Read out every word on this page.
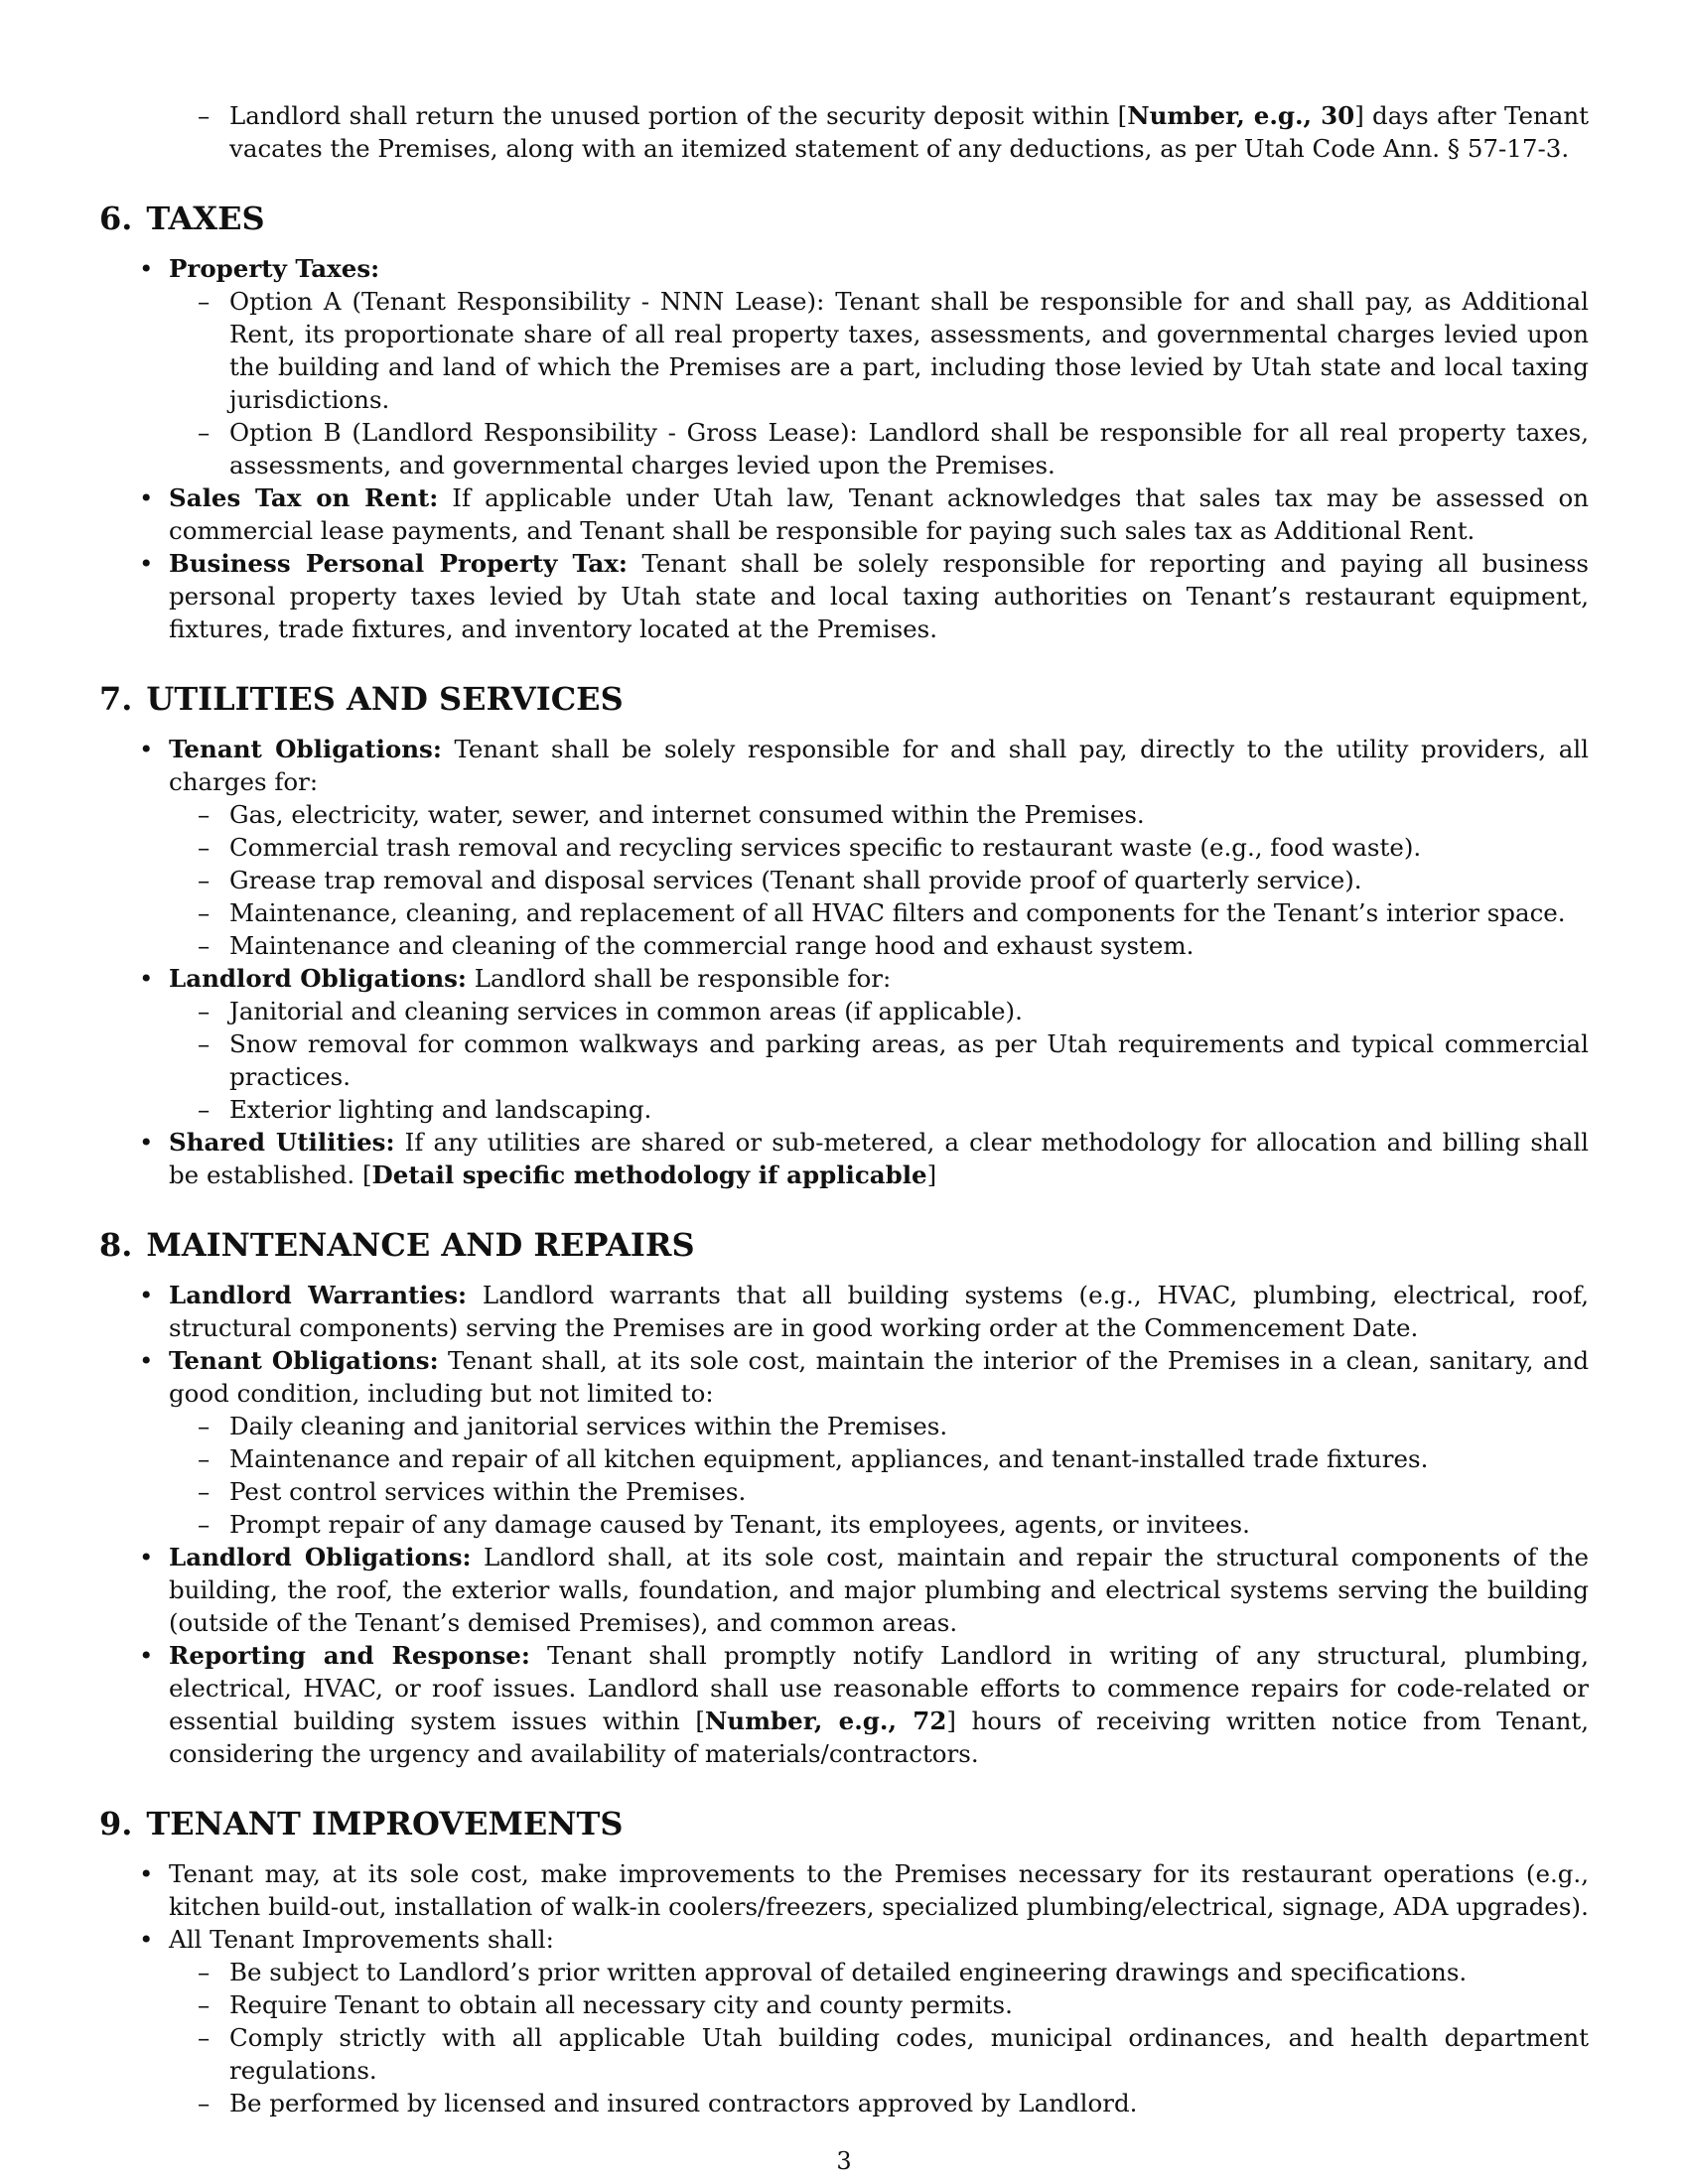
– Landlord shall return the unused portion of the security deposit within [Number, e.g., 30] days after Tenant vacates the Premises, along with an itemized statement of any deductions, as per Utah Code Ann. § 57-17-3.
6. TAXES
• Property Taxes:
– Option A (Tenant Responsibility - NNN Lease): Tenant shall be responsible for and shall pay, as Additional Rent, its proportionate share of all real property taxes, assessments, and governmental charges levied upon the building and land of which the Premises are a part, including those levied by Utah state and local taxing jurisdictions.
– Option B (Landlord Responsibility - Gross Lease): Landlord shall be responsible for all real property taxes, assessments, and governmental charges levied upon the Premises.
• Sales Tax on Rent: If applicable under Utah law, Tenant acknowledges that sales tax may be assessed on commercial lease payments, and Tenant shall be responsible for paying such sales tax as Additional Rent.
• Business Personal Property Tax: Tenant shall be solely responsible for reporting and paying all business personal property taxes levied by Utah state and local taxing authorities on Tenant’s restaurant equipment, fixtures, trade fixtures, and inventory located at the Premises.
7. UTILITIES AND SERVICES
• Tenant Obligations: Tenant shall be solely responsible for and shall pay, directly to the utility providers, all charges for:
– Gas, electricity, water, sewer, and internet consumed within the Premises.
– Commercial trash removal and recycling services specific to restaurant waste (e.g., food waste).
– Grease trap removal and disposal services (Tenant shall provide proof of quarterly service).
– Maintenance, cleaning, and replacement of all HVAC filters and components for the Tenant’s interior space.
– Maintenance and cleaning of the commercial range hood and exhaust system.
• Landlord Obligations: Landlord shall be responsible for:
– Janitorial and cleaning services in common areas (if applicable).
– Snow removal for common walkways and parking areas, as per Utah requirements and typical commercial practices.
– Exterior lighting and landscaping.
• Shared Utilities: If any utilities are shared or sub-metered, a clear methodology for allocation and billing shall be established. [Detail specific methodology if applicable]
8. MAINTENANCE AND REPAIRS
• Landlord Warranties: Landlord warrants that all building systems (e.g., HVAC, plumbing, electrical, roof, structural components) serving the Premises are in good working order at the Commencement Date.
• Tenant Obligations: Tenant shall, at its sole cost, maintain the interior of the Premises in a clean, sanitary, and good condition, including but not limited to:
– Daily cleaning and janitorial services within the Premises.
– Maintenance and repair of all kitchen equipment, appliances, and tenant-installed trade fixtures.
– Pest control services within the Premises.
– Prompt repair of any damage caused by Tenant, its employees, agents, or invitees.
• Landlord Obligations: Landlord shall, at its sole cost, maintain and repair the structural components of the building, the roof, the exterior walls, foundation, and major plumbing and electrical systems serving the building (outside of the Tenant’s demised Premises), and common areas.
• Reporting and Response: Tenant shall promptly notify Landlord in writing of any structural, plumbing, electrical, HVAC, or roof issues. Landlord shall use reasonable efforts to commence repairs for code-related or essential building system issues within [Number, e.g., 72] hours of receiving written notice from Tenant, considering the urgency and availability of materials/contractors.
9. TENANT IMPROVEMENTS
• Tenant may, at its sole cost, make improvements to the Premises necessary for its restaurant operations (e.g., kitchen build-out, installation of walk-in coolers/freezers, specialized plumbing/electrical, signage, ADA upgrades).
• All Tenant Improvements shall:
– Be subject to Landlord’s prior written approval of detailed engineering drawings and specifications.
– Require Tenant to obtain all necessary city and county permits.
– Comply strictly with all applicable Utah building codes, municipal ordinances, and health department regulations.
– Be performed by licensed and insured contractors approved by Landlord.
3
